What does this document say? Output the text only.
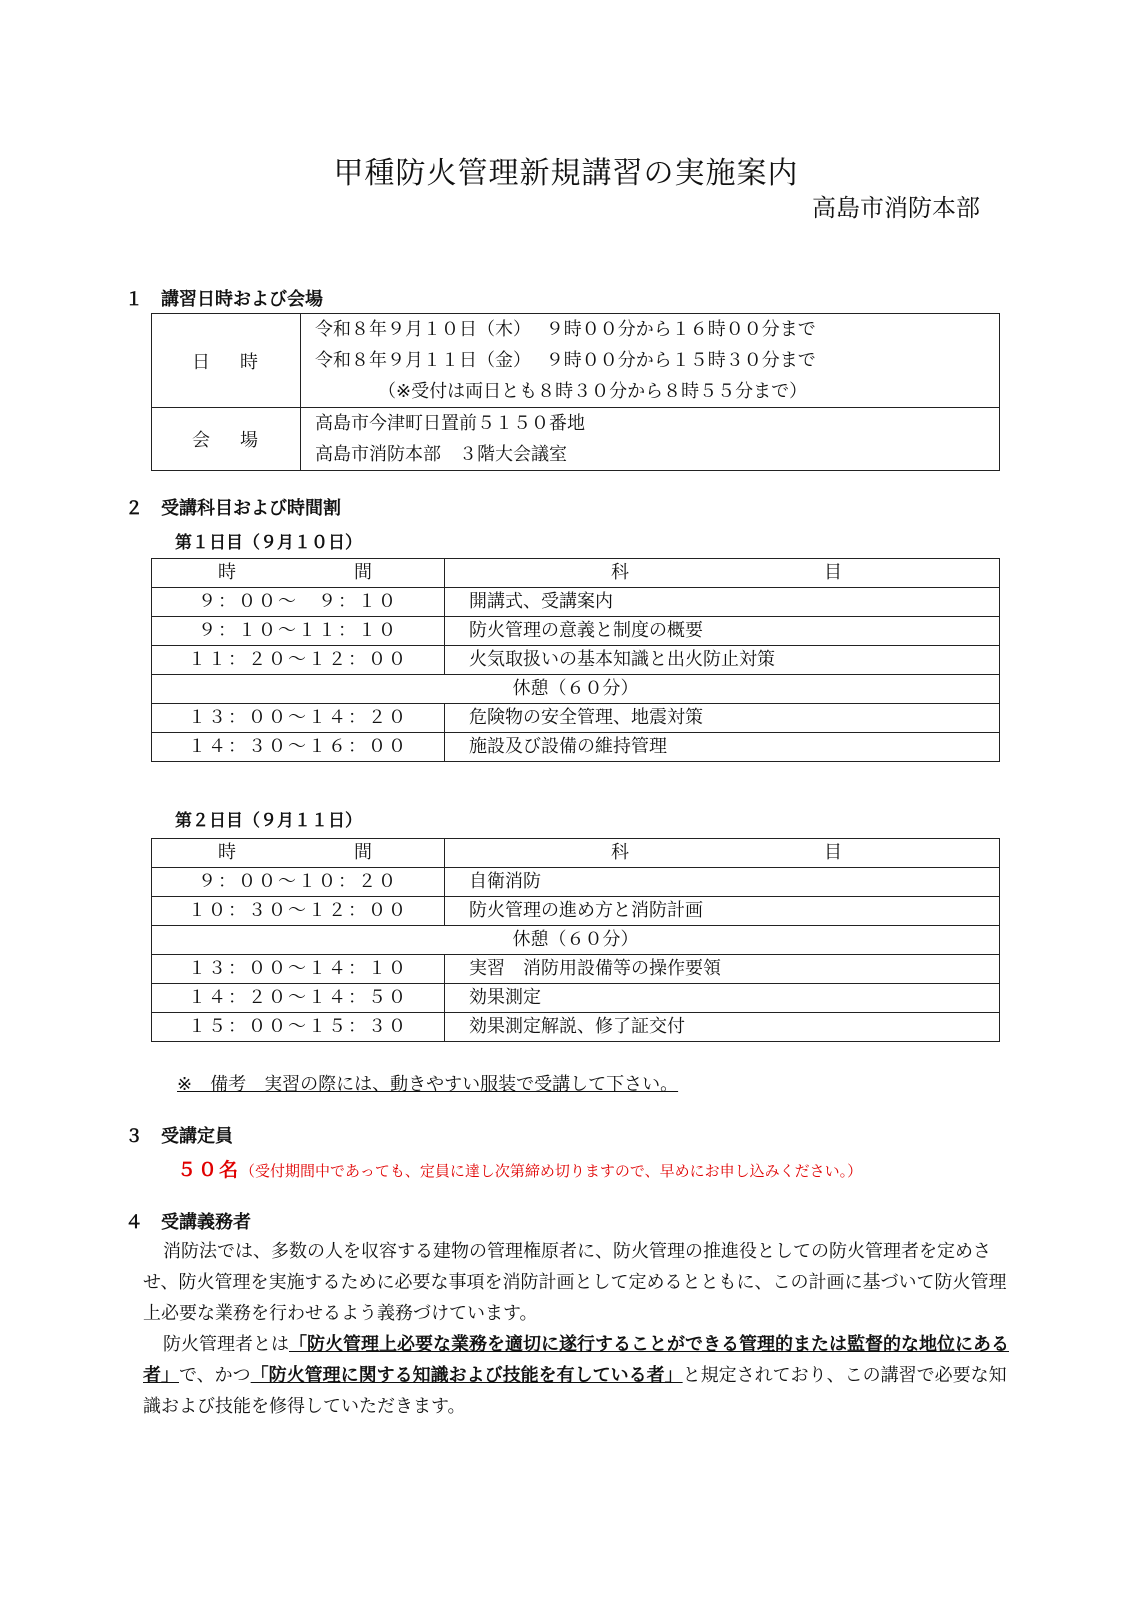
甲種防火管理新規講習の実施案内
高島市消防本部
１　講習日時および会場
日時	令和８年９月１０日（木）　 ９時００分から１６時００分まで
令和８年９月１１日（金）　 ９時００分から１５時３０分まで
　　　　（※受付は両日とも８時３０分から８時５５分まで）

会場	高島市今津町日置前５１５０番地
高島市消防本部　３階大会議室
２　受講科目および時間割
第１日目（９月１０日）
時 間	科 目
９：００～　９：１０	開講式、受講案内
９：１０～１１：１０	防火管理の意義と制度の概要
１１：２０～１２：００	火気取扱いの基本知識と出火防止対策
休憩（６０分）	
１３：００～１４：２０	危険物の安全管理、地震対策
１４：３０～１６：００	施設及び設備の維持管理
第２日目（９月１１日）
時 間	科 目
９：００～１０：２０	自衛消防
１０：３０～１２：００	防火管理の進め方と消防計画
休憩（６０分）	
１３：００～１４：１０	実習　消防用設備等の操作要領
１４：２０～１４：５０	効果測定
１５：００～１５：３０	効果測定解説、修了証交付
※　備考　実習の際には、動きやすい服装で受講して下さい。
３　受講定員
５０名（受付期間中であっても、定員に達し次第締め切りますので、早めにお申し込みください。）
４　受講義務者

消防法では、多数の人を収容する建物の管理権原者に、防火管理の推進役としての防火管理者を定めさせ、防火管理を実施するために必要な事項を消防計画として定めるとともに、この計画に基づいて防火管理上必要な業務を行わせるよう義務づけています。

防火管理者とは「防火管理上必要な業務を適切に遂行することができる管理的または監督的な地位にある者」で、かつ「防火管理に関する知識および技能を有している者」と規定されており、この講習で必要な知識および技能を修得していただきます。
